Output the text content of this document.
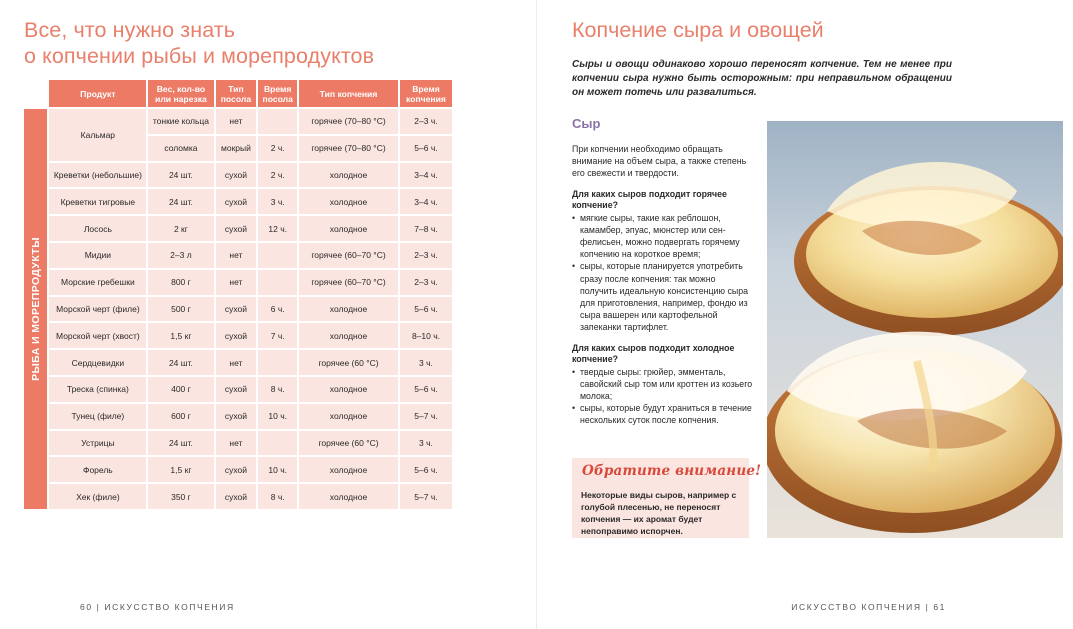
Все, что нужно знать
о копчении рыбы и морепродуктов
	Продукт	Вес, кол-во или нарезка	Тип посола	Время посола	Тип копчения	Время копчения

РЫБА И МОРЕПРОДУКТЫ	Кальмар	тонкие кольца	нет		горячее (70–80 °C)	2–3 ч.
		соломка	мокрый	2 ч.	горячее (70–80 °C)	5–6 ч.
	Креветки (небольшие)	24 шт.	сухой	2 ч.	холодное	3–4 ч.
	Креветки тигровые	24 шт.	сухой	3 ч.	холодное	3–4 ч.
	Лосось	2 кг	сухой	12 ч.	холодное	7–8 ч.
	Мидии	2–3 л	нет		горячее (60–70 °C)	2–3 ч.
	Морские гребешки	800 г	нет		горячее (60–70 °C)	2–3 ч.
	Морской черт (филе)	500 г	сухой	6 ч.	холодное	5–6 ч.
	Морской черт (хвост)	1,5 кг	сухой	7 ч.	холодное	8–10 ч.
	Сердцевидки	24 шт.	нет		горячее (60 °C)	3 ч.
	Треска (спинка)	400 г	сухой	8 ч.	холодное	5–6 ч.
	Тунец (филе)	600 г	сухой	10 ч.	холодное	5–7 ч.
	Устрицы	24 шт.	нет		горячее (60 °C)	3 ч.
	Форель	1,5 кг	сухой	10 ч.	холодное	5–6 ч.
	Хек (филе)	350 г	сухой	8 ч.	холодное	5–7 ч.
60 | ИСКУССТВО КОПЧЕНИЯ
Копчение сыра и овощей
Сыры и овощи одинаково хорошо переносят копчение. Тем не менее при копчении сыра нужно быть осторожным: при неправильном обращении он может потечь или развалиться.
Сыр

При копчении необходимо обращать внимание на объем сыра, а также степень его свежести и твердости.

Для каких сыров подходит горячее копчение?
• мягкие сыры, такие как реблошон, камамбер, эпуас, мюнстер или сен-фелисьен, можно подвергать горячему копчению на короткое время;
• сыры, которые планируется употребить сразу после копчения: так можно получить идеальную консистенцию сыра для приготовления, например, фондю из сыра вашерен или картофельной запеканки тартифлет.
Для каких сыров подходит холодное копчение?
• твердые сыры: грюйер, эмменталь, савойский сыр том или кроттен из козьего молока;
• сыры, которые будут храниться в течение нескольких суток после копчения.
Обратите внимание!
Некоторые виды сыров, например с голубой плесенью, не переносят копчения — их аромат будет непоправимо испорчен.
ИСКУССТВО КОПЧЕНИЯ | 61
